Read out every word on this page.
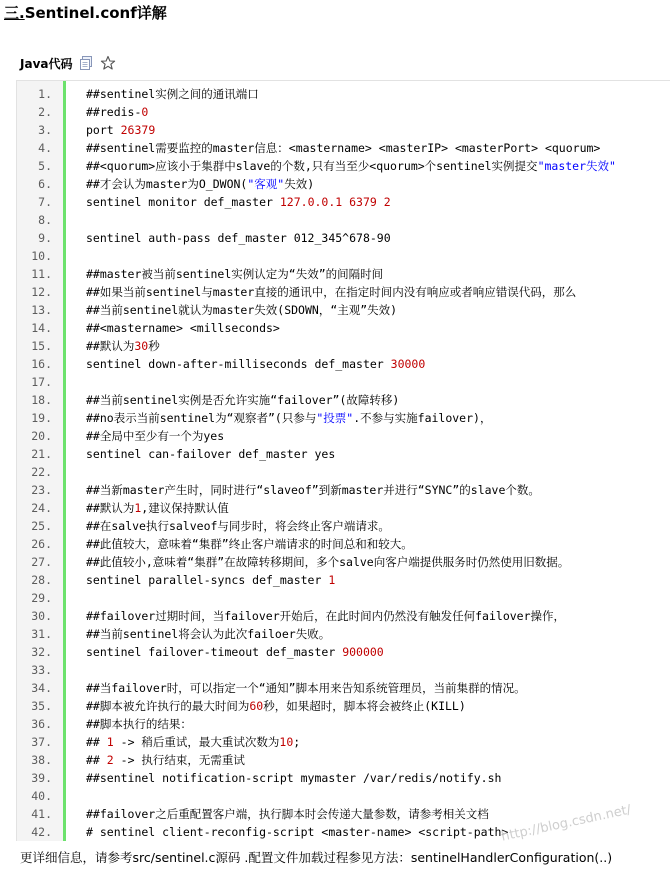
三.Sentinel.conf详解
Java代码
1.	##sentinel实例之间的通讯端口
2.	##redis-0
3.	port 26379
4.	##sentinel需要监控的master信息：<mastername> <masterIP> <masterPort> <quorum>
5.	##<quorum>应该小于集群中slave的个数,只有当至少<quorum>个sentinel实例提交"master失效"
6.	##才会认为master为O_DWON("客观"失效)
7.	sentinel monitor def_master 127.0.0.1 6379 2
8.
9.	sentinel auth-pass def_master 012_345^678-90
10.
11.	##master被当前sentinel实例认定为“失效”的间隔时间
12.	##如果当前sentinel与master直接的通讯中，在指定时间内没有响应或者响应错误代码，那么
13.	##当前sentinel就认为master失效(SDOWN，“主观”失效)
14.	##<mastername> <millseconds>
15.	##默认为30秒
16.	sentinel down-after-milliseconds def_master 30000
17.
18.	##当前sentinel实例是否允许实施“failover”(故障转移)
19.	##no表示当前sentinel为“观察者”(只参与"投票".不参与实施failover)，
20.	##全局中至少有一个为yes
21.	sentinel can-failover def_master yes
22.
23.	##当新master产生时，同时进行“slaveof”到新master并进行“SYNC”的slave个数。
24.	##默认为1,建议保持默认值
25.	##在salve执行salveof与同步时，将会终止客户端请求。
26.	##此值较大，意味着“集群”终止客户端请求的时间总和和较大。
27.	##此值较小,意味着“集群”在故障转移期间，多个salve向客户端提供服务时仍然使用旧数据。
28.	sentinel parallel-syncs def_master 1
29.
30.	##failover过期时间，当failover开始后，在此时间内仍然没有触发任何failover操作，
31.	##当前sentinel将会认为此次failoer失败。
32.	sentinel failover-timeout def_master 900000
33.
34.	##当failover时，可以指定一个“通知”脚本用来告知系统管理员，当前集群的情况。
35.	##脚本被允许执行的最大时间为60秒，如果超时，脚本将会被终止(KILL)
36.	##脚本执行的结果：
37.	## 1 -> 稍后重试，最大重试次数为10;
38.	## 2 -> 执行结束，无需重试
39.	##sentinel notification-script mymaster /var/redis/notify.sh
40.
41.	##failover之后重配置客户端，执行脚本时会传递大量参数，请参考相关文档
42.	# sentinel client-reconfig-script <master-name> <script-path>
更详细信息，请参考src/sentinel.c源码 .配置文件加载过程参见方法：sentinelHandlerConfiguration(..)
http://blog.csdn.net/
